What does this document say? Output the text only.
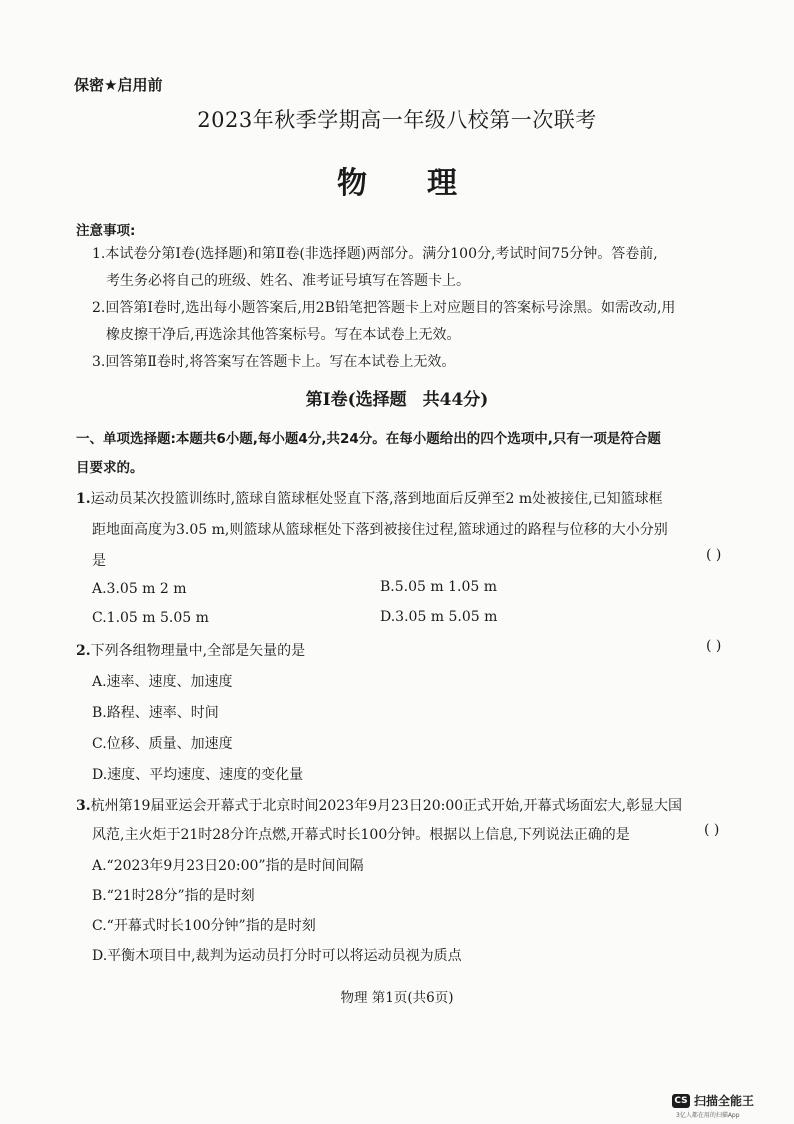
保密★启用前
2023年秋季学期高一年级八校第一次联考
物 理
注意事项:
1.本试卷分第Ⅰ卷(选择题)和第Ⅱ卷(非选择题)两部分。满分100分,考试时间75分钟。答卷前,
考生务必将自己的班级、姓名、准考证号填写在答题卡上。
2.回答第Ⅰ卷时,选出每小题答案后,用2B铅笔把答题卡上对应题目的答案标号涂黑。如需改动,用
橡皮擦干净后,再选涂其他答案标号。写在本试卷上无效。
3.回答第Ⅱ卷时,将答案写在答题卡上。写在本试卷上无效。
第Ⅰ卷(选择题 共44分)
一、单项选择题:本题共6小题,每小题4分,共24分。在每小题给出的四个选项中,只有一项是符合题
目要求的。
1.运动员某次投篮训练时,篮球自篮球框处竖直下落,落到地面后反弹至2 m处被接住,已知篮球框
距地面高度为3.05 m,则篮球从篮球框处下落到被接住过程,篮球通过的路程与位移的大小分别
是	( )
A.3.05 m 2 m	B.5.05 m 1.05 m
C.1.05 m 5.05 m	D.3.05 m 5.05 m
2.下列各组物理量中,全部是矢量的是	( )
A.速率、速度、加速度
B.路程、速率、时间
C.位移、质量、加速度
D.速度、平均速度、速度的变化量
3.杭州第19届亚运会开幕式于北京时间2023年9月23日20:00正式开始,开幕式场面宏大,彰显大国
风范,主火炬于21时28分许点燃,开幕式时长100分钟。根据以上信息,下列说法正确的是	( )
A.“2023年9月23日20:00”指的是时间间隔
B.“21时28分”指的是时刻
C.“开幕式时长100分钟”指的是时刻
D.平衡木项目中,裁判为运动员打分时可以将运动员视为质点
物理 第1页(共6页)
CS 扫描全能王
3亿人都在用的扫描App
